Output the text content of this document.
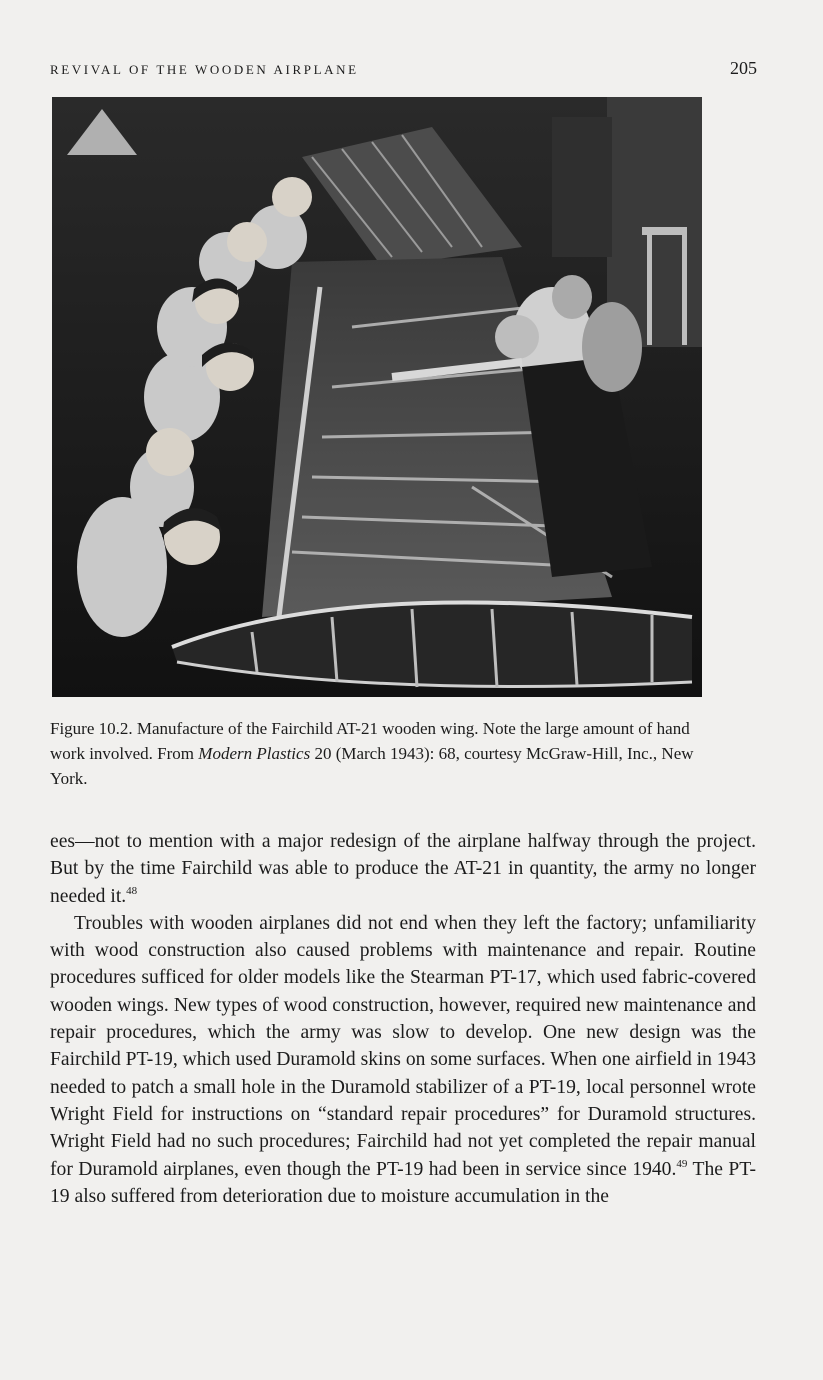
REVIVAL OF THE WOODEN AIRPLANE	205
Figure 10.2. Manufacture of the Fairchild AT-21 wooden wing. Note the large amount of hand work involved. From Modern Plastics 20 (March 1943): 68, courtesy McGraw-Hill, Inc., New York.

ees—not to mention with a major redesign of the airplane halfway through the project. But by the time Fairchild was able to produce the AT-21 in quantity, the army no longer needed it.$^{48}$

Troubles with wooden airplanes did not end when they left the factory; unfamiliarity with wood construction also caused problems with maintenance and repair. Routine procedures sufficed for older models like the Stearman PT-17, which used fabric-covered wooden wings. New types of wood construction, however, required new maintenance and repair procedures, which the army was slow to develop. One new design was the Fairchild PT-19, which used Duramold skins on some surfaces. When one airfield in 1943 needed to patch a small hole in the Duramold stabilizer of a PT-19, local personnel wrote Wright Field for instructions on “standard repair procedures” for Duramold structures. Wright Field had no such procedures; Fairchild had not yet completed the repair manual for Duramold airplanes, even though the PT-19 had been in service since 1940.49 The PT-19 also suffered from deterioration due to moisture accumulation in the
